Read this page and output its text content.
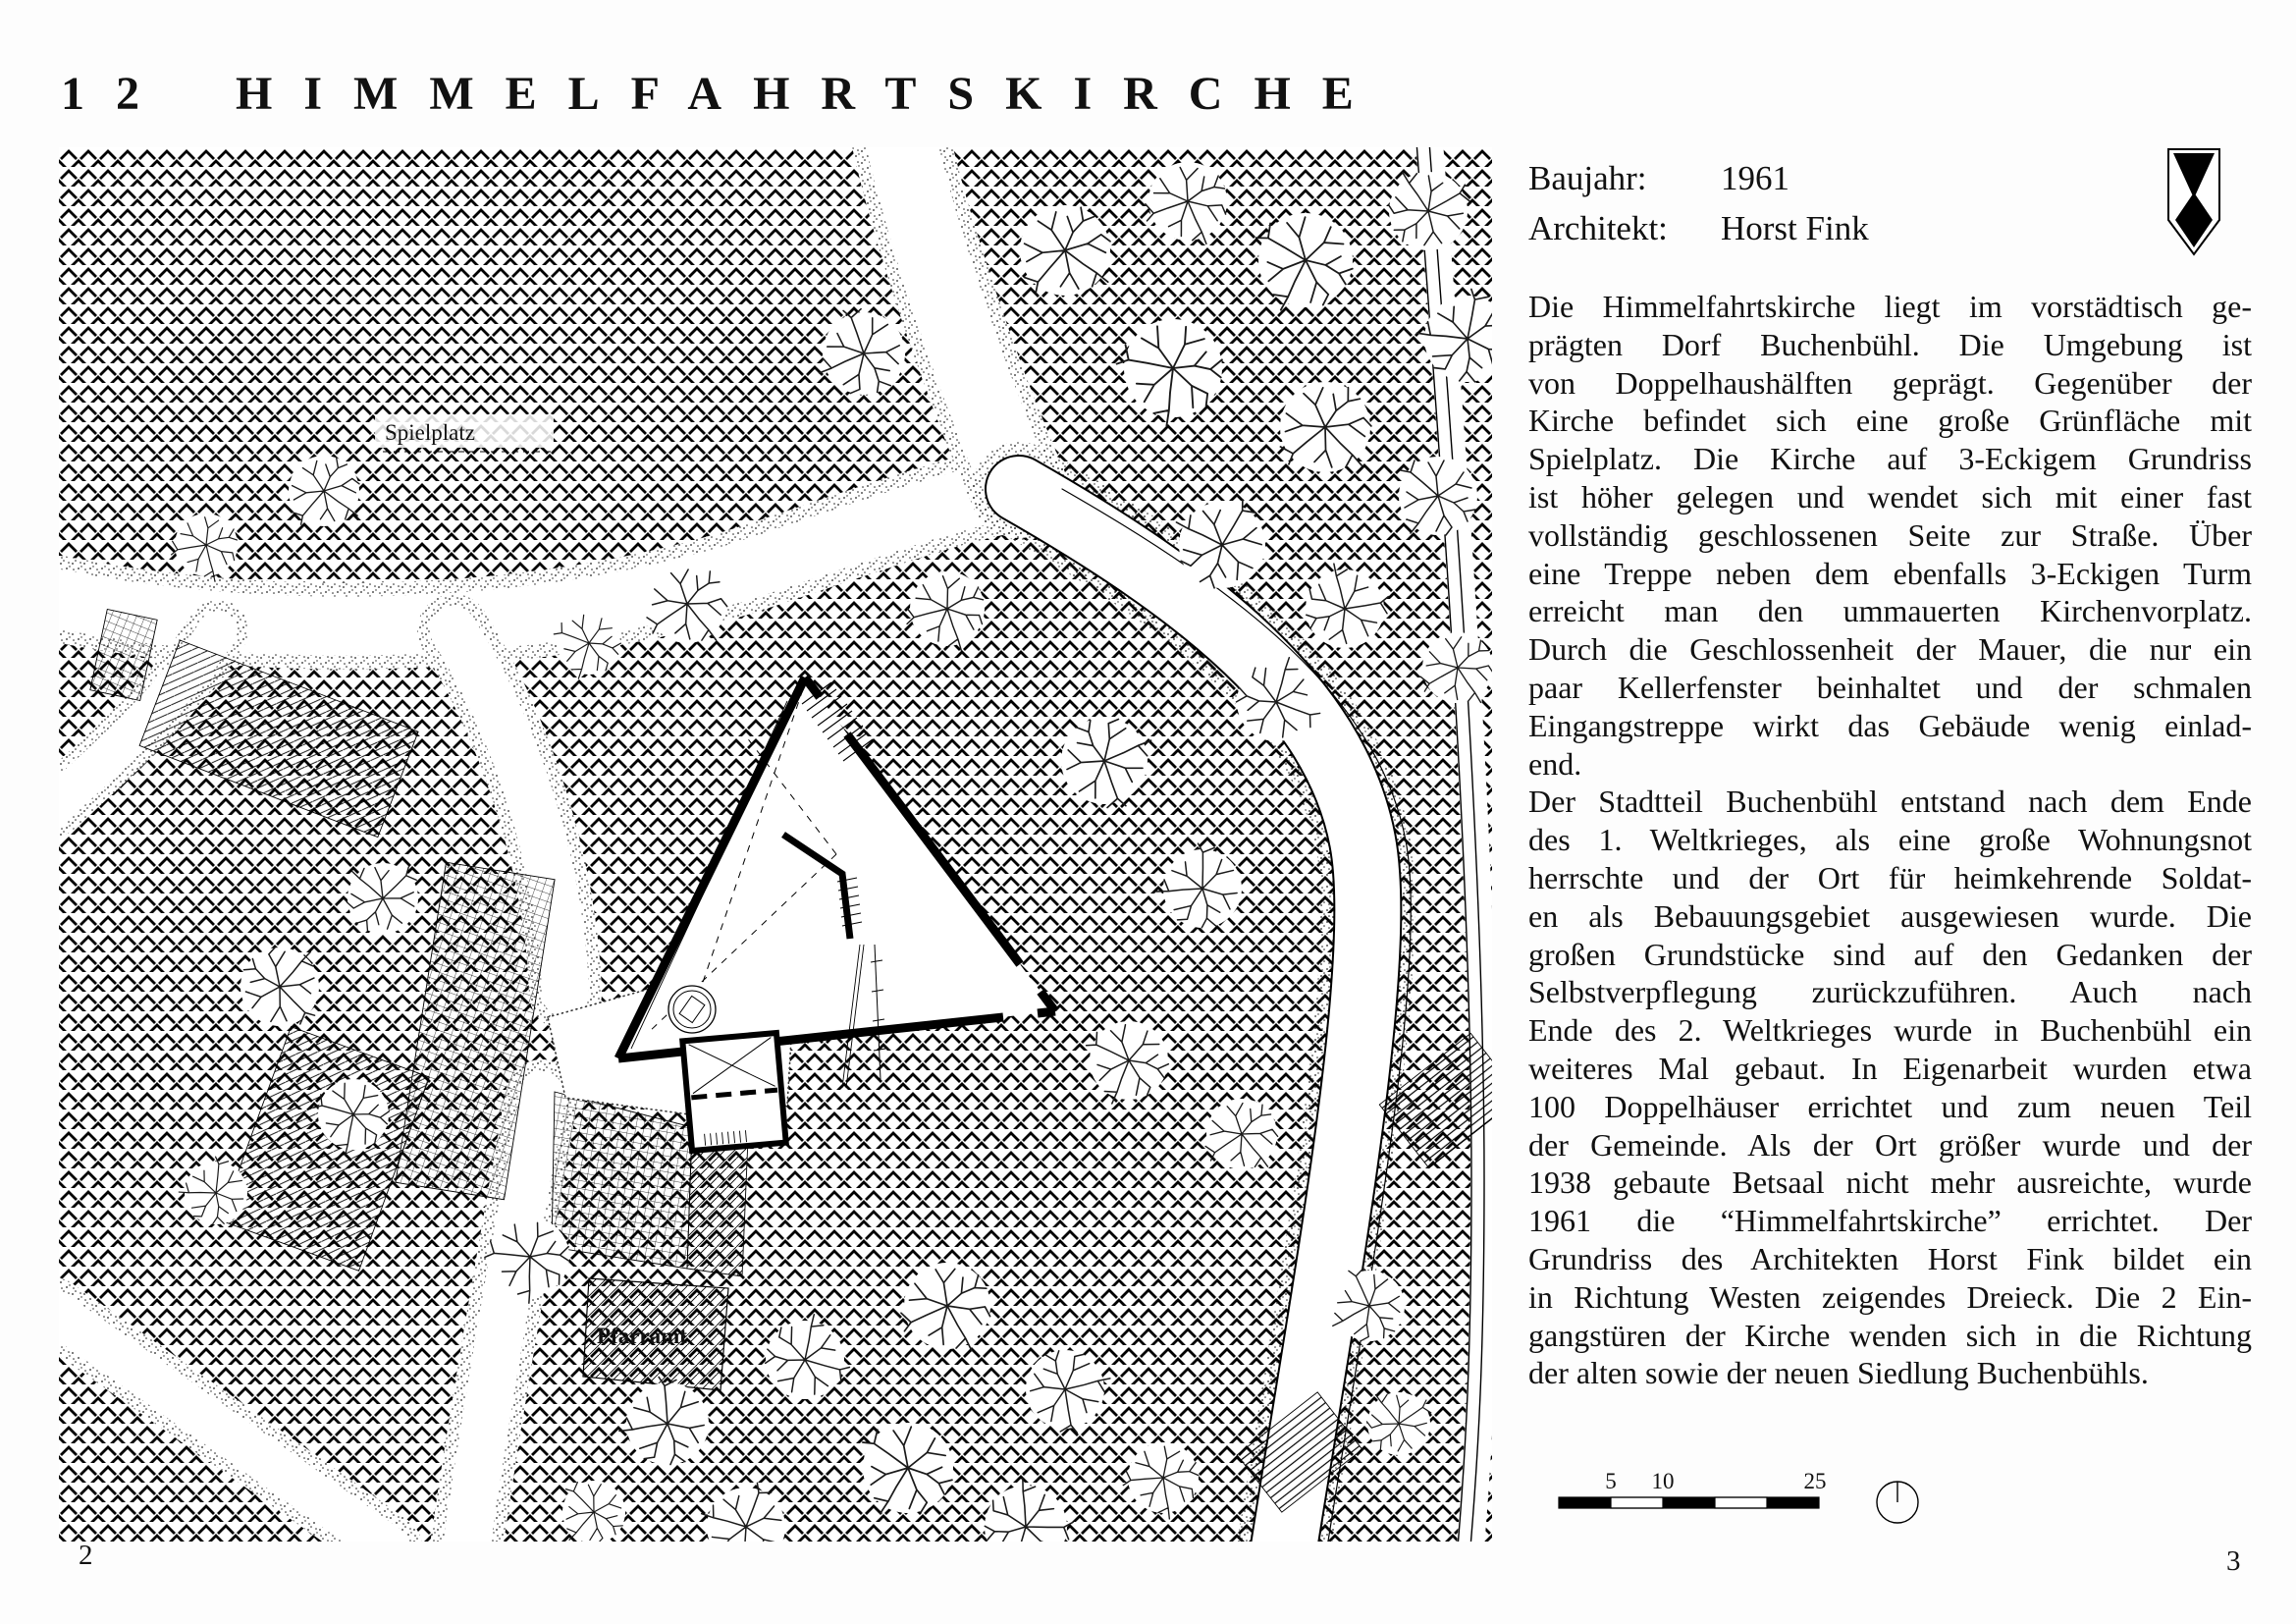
12 HIMMELFAHRTSKIRCHE
Spielplatz
Pfarramt
2
Baujahr:	1961
Architekt:	Horst Fink
Die Himmelfahrtskirche liegt im vorstädtisch ge-
prägten Dorf Buchenbühl. Die Umgebung ist
von Doppelhaushälften geprägt. Gegenüber der
Kirche befindet sich eine große Grünfläche mit
Spielplatz. Die Kirche auf 3-Eckigem Grundriss
ist höher gelegen und wendet sich mit einer fast
vollständig geschlossenen Seite zur Straße. Über
eine Treppe neben dem ebenfalls 3-Eckigen Turm
erreicht man den ummauerten Kirchenvorplatz.
Durch die Geschlossenheit der Mauer, die nur ein
paar Kellerfenster beinhaltet und der schmalen
Eingangstreppe wirkt das Gebäude wenig einlad-
end.
Der Stadtteil Buchenbühl entstand nach dem Ende
des 1. Weltkrieges, als eine große Wohnungsnot
herrschte und der Ort für heimkehrende Soldat-
en als Bebauungsgebiet ausgewiesen wurde. Die
großen Grundstücke sind auf den Gedanken der
Selbstverpflegung zurückzuführen. Auch nach
Ende des 2. Weltkrieges wurde in Buchenbühl ein
weiteres Mal gebaut. In Eigenarbeit wurden etwa
100 Doppelhäuser errichtet und zum neuen Teil
der Gemeinde. Als der Ort größer wurde und der
1938 gebaute Betsaal nicht mehr ausreichte, wurde
1961 die “Himmelfahrtskirche” errichtet. Der
Grundriss des Architekten Horst Fink bildet ein
in Richtung Westen zeigendes Dreieck. Die 2 Ein-
gangstüren der Kirche wenden sich in die Richtung
der alten sowie der neuen Siedlung Buchenbühls.
5 10	25
3
